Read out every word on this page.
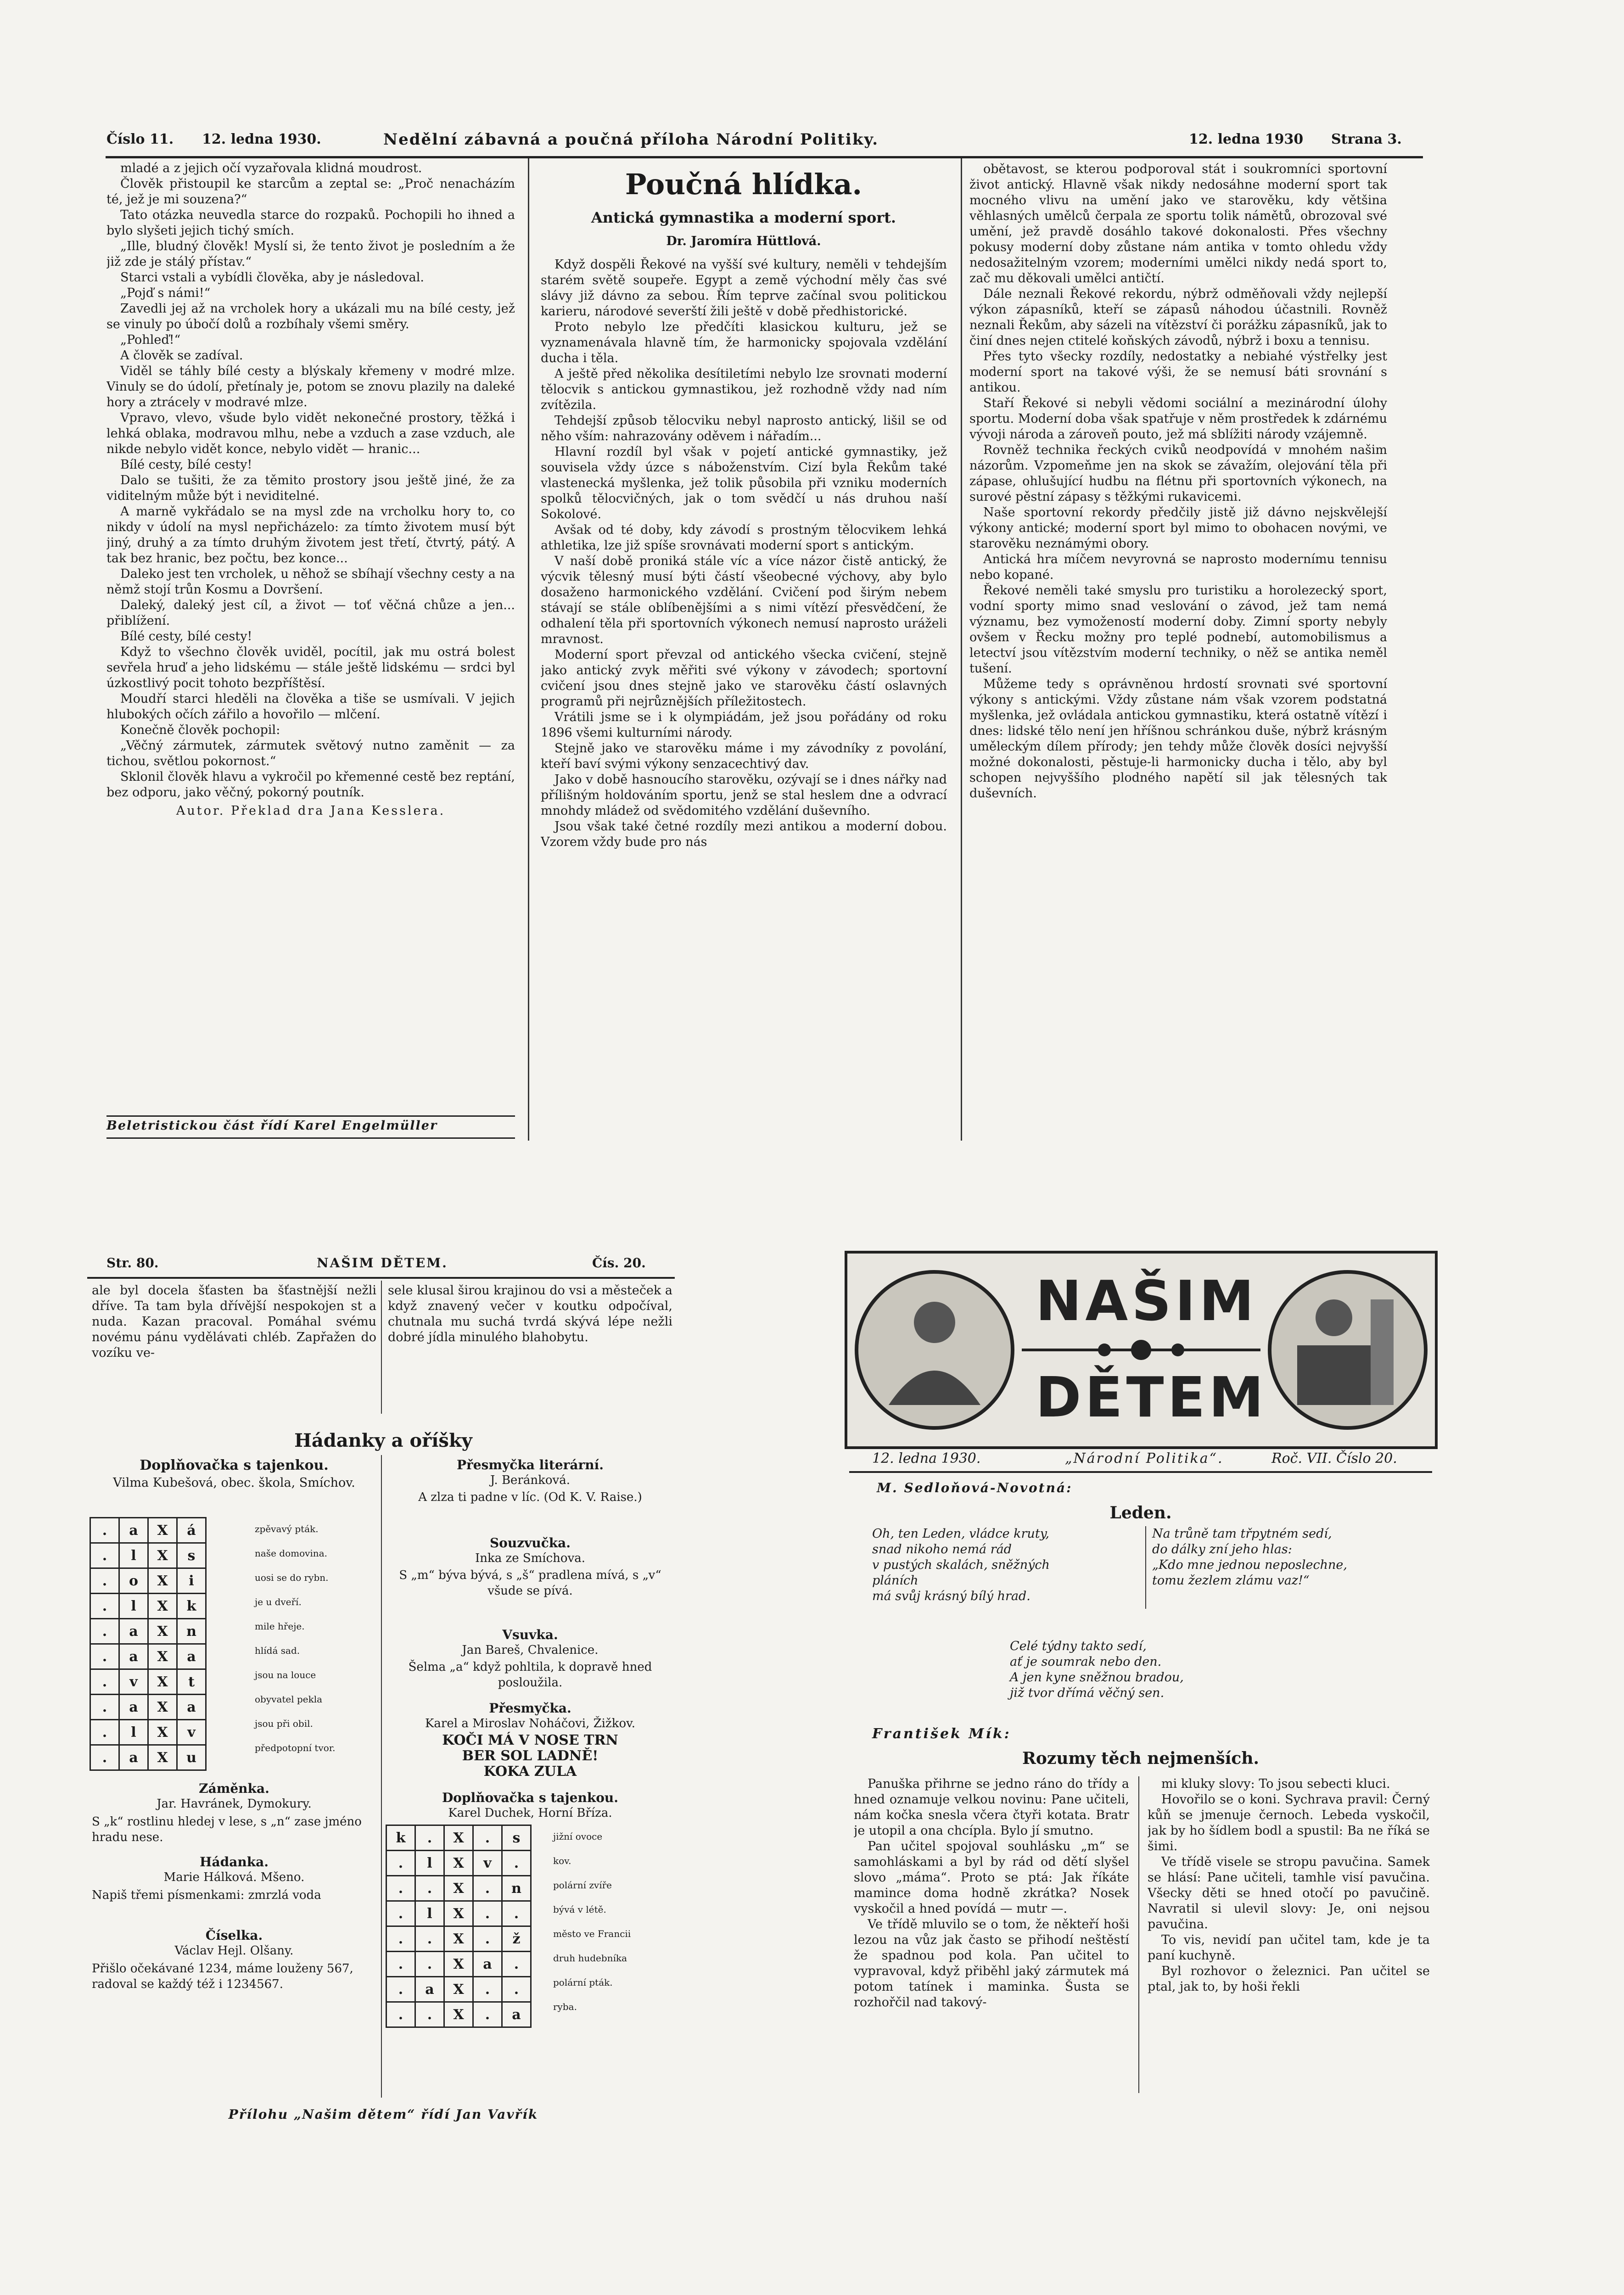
Číslo 11. 12. ledna 1930.	Nedělní zábavná a poučná příloha Národní Politiky.	12. ledna 1930 Strana 3.

mladé a z jejich očí vyzařovala klidná moudrost.

Člověk přistoupil ke starcům a zeptal se: „Proč nenacházím té, jež je mi souzena?“

Tato otázka neuvedla starce do rozpaků. Pochopili ho ihned a bylo slyšeti jejich tichý smích.

„Ille, bludný člověk! Myslí si, že tento život je posledním a že již zde je stálý přístav.“

Starci vstali a vybídli člověka, aby je následoval.

„Pojď s námi!“

Zavedli jej až na vrcholek hory a ukázali mu na bílé cesty, jež se vinuly po úbočí dolů a rozbíhaly všemi směry.

„Pohleď!“

A člověk se zadíval.

Viděl se táhly bílé cesty a blýskaly křemeny v modré mlze. Vinuly se do údolí, přetínaly je, potom se znovu plazily na daleké hory a ztrácely v modravé mlze.

Vpravo, vlevo, všude bylo vidět nekonečné prostory, těžká i lehká oblaka, modravou mlhu, nebe a vzduch a zase vzduch, ale nikde nebylo vidět konce, nebylo vidět — hranic...

Bílé cesty, bílé cesty!

Dalo se tušiti, že za těmito prostory jsou ještě jiné, že za viditelným může být i neviditelné.

A marně vykřádalo se na mysl zde na vrcholku hory to, co nikdy v údolí na mysl nepřicházelo: za tímto životem musí být jiný, druhý a za tímto druhým životem jest třetí, čtvrtý, pátý. A tak bez hranic, bez počtu, bez konce...

Daleko jest ten vrcholek, u něhož se sbíhají všechny cesty a na němž stojí trůn Kosmu a Dovršení.

Daleký, daleký jest cíl, a život — toť věčná chůze a jen... přiblížení.

Bílé cesty, bílé cesty!

Když to všechno člověk uviděl, pocítil, jak mu ostrá bolest sevřela hruď a jeho lidskému — stále ještě lidskému — srdci byl úzkostlivý pocit tohoto bezpříštěsí.

Moudří starci hleděli na člověka a tiše se usmívali. V jejich hlubokých očích zářilo a hovořilo — mlčení.

Konečně člověk pochopil:

„Věčný zármutek, zármutek světový nutno zaměnit — za tichou, světlou pokornost.“

Sklonil člověk hlavu a vykročil po křemenné cestě bez reptání, bez odporu, jako věčný, pokorný poutník.

Autor. Překlad dra Jana Kesslera.

Beletristickou část řídí Karel Engelmüller
Poučná hlídka.
Antická gymnastika a moderní sport.
Dr. Jaromíra Hüttlová.

Když dospěli Řekové na vyšší své kultury, neměli v tehdejším starém světě soupeře. Egypt a země východní měly čas své slávy již dávno za sebou. Řím teprve začínal svou politickou karieru, národové severští žili ještě v době předhistorické.

Proto nebylo lze předčíti klasickou kulturu, jež se vyznamenávala hlavně tím, že harmonicky spojovala vzdělání ducha i těla.

A ještě před několika desítiletími nebylo lze srovnati moderní tělocvik s antickou gymnastikou, jež rozhodně vždy nad ním zvítězila.

Tehdejší způsob tělocviku nebyl naprosto antický, lišil se od něho vším: nahrazovány oděvem i nářadím...

Hlavní rozdíl byl však v pojetí antické gymnastiky, jež souvisela vždy úzce s náboženstvím. Cizí byla Řekům také vlastenecká myšlenka, jež tolik působila při vzniku moderních spolků tělocvičných, jak o tom svědčí u nás druhou naší Sokolové.

Avšak od té doby, kdy závodí s prostným tělocvikem lehká athletika, lze již spíše srovnávati moderní sport s antickým.

V naší době proniká stále víc a více názor čistě antický, že výcvik tělesný musí býti částí všeobecné výchovy, aby bylo dosaženo harmonického vzdělání. Cvičení pod širým nebem stávají se stále oblíbenějšími a s nimi vítězí přesvědčení, že odhalení těla při sportovních výkonech nemusí naprosto uráželi mravnost.

Moderní sport převzal od antického všecka cvičení, stejně jako antický zvyk měřiti své výkony v závodech; sportovní cvičení jsou dnes stejně jako ve starověku částí oslavných programů při nejrůznějších příležitostech.

Vrátili jsme se i k olympiádám, jež jsou pořádány od roku 1896 všemi kulturními národy.

Stejně jako ve starověku máme i my závodníky z povolání, kteří baví svými výkony senzacechtivý dav.

Jako v době hasnoucího starověku, ozývají se i dnes nářky nad přílišným holdováním sportu, jenž se stal heslem dne a odvrací mnohdy mládež od svědomitého vzdělání duševního.

Jsou však také četné rozdíly mezi antikou a moderní dobou. Vzorem vždy bude pro nás

obětavost, se kterou podporoval stát i soukromníci sportovní život antický. Hlavně však nikdy nedosáhne moderní sport tak mocného vlivu na umění jako ve starověku, kdy většina věhlasných umělců čerpala ze sportu tolik námětů, obrozoval své umění, jež pravdě dosáhlo takové dokonalosti. Přes všechny pokusy moderní doby zůstane nám antika v tomto ohledu vždy nedosažitelným vzorem; moderními umělci nikdy nedá sport to, zač mu děkovali umělci antičtí.

Dále neznali Řekové rekordu, nýbrž odměňovali vždy nejlepší výkon zápasníků, kteří se zápasů náhodou účastnili. Rovněž neznali Řekům, aby sázeli na vítězství či porážku zápasníků, jak to činí dnes nejen ctitelé koňských závodů, nýbrž i boxu a tennisu.

Přes tyto všecky rozdíly, nedostatky a nebiahé výstřelky jest moderní sport na takové výši, že se nemusí báti srovnání s antikou.

Staří Řekové si nebyli vědomi sociální a mezinárodní úlohy sportu. Moderní doba však spatřuje v něm prostředek k zdárnému vývoji národa a zároveň pouto, jež má sblížiti národy vzájemně.

Rovněž technika řeckých cviků neodpovídá v mnohém našim názorům. Vzpomeňme jen na skok se závažím, olejování těla při zápase, ohlušující hudbu na flétnu při sportovních výkonech, na surové pěstní zápasy s těžkými rukavicemi.

Naše sportovní rekordy předčily jistě již dávno nejskvělejší výkony antické; moderní sport byl mimo to obohacen novými, ve starověku neznámými obory.

Antická hra míčem nevyrovná se naprosto modernímu tennisu nebo kopané.

Řekové neměli také smyslu pro turistiku a horolezecký sport, vodní sporty mimo snad veslování o závod, jež tam nemá významu, bez vymožeností moderní doby. Zimní sporty nebyly ovšem v Řecku možny pro teplé podnebí, automobilismus a letectví jsou vítězstvím moderní techniky, o něž se antika neměl tušení.

Můžeme tedy s oprávněnou hrdostí srovnati své sportovní výkony s antickými. Vždy zůstane nám však vzorem podstatná myšlenka, jež ovládala antickou gymnastiku, která ostatně vítězí i dnes: lidské tělo není jen hříšnou schránkou duše, nýbrž krásným uměleckým dílem přírody; jen tehdy může člověk dosíci nejvyšší možné dokonalosti, pěstuje-li harmonicky ducha i tělo, aby byl schopen nejvyššího plodného napětí sil jak tělesných tak duševních.

Str. 80.	NAŠIM DĚTEM.	Čís. 20.
ale byl docela šťasten ba šťastnější nežli dříve. Ta tam byla dřívější nespokojen st a nuda. Kazan pracoval. Pomáhal svému novému pánu vydělávati chléb. Zapřažen do vozíku ve-
sele klusal širou krajinou do vsi a městeček a když znavený večer v koutku odpočíval, chutnala mu suchá tvrdá skývá lépe nežli dobré jídla minulého blahobytu.
Hádanky a oříšky
Doplňovačka s tajenkou.
Vilma Kubešová, obec. škola, Smíchov.
.	a	X	á
.	l	X	s
.	o	X	i
.	l	X	k
.	a	X	n
.	a	X	a
.	v	X	t
.	a	X	a
.	l	X	v
.	a	X	u
zpěvavý pták.
naše domovina.
uosi se do rybn.
je u dveří.
mile hřeje.
hlídá sad.
jsou na louce
obyvatel pekla
jsou při obil.
předpotopní tvor.
Záměnka.
Jar. Havránek, Dymokury.
S „k“ rostlinu hledej v lese, s „n“ zase jméno hradu nese.
Hádanka.
Marie Hálková. Mšeno.
Napiš třemi písmenkami: zmrzlá voda
Číselka.
Václav Hejl. Olšany.
Přišlo očekávané 1234, máme louženy 567, radoval se každý též i 1234567.
Přesmyčka literární.
J. Beránková.
A zlza ti padne v líc. (Od K. V. Raise.)
Souzvučka.
Inka ze Smíchova.
S „m“ býva bývá, s „š“ pradlena mívá, s „v“ všude se pívá.
Vsuvka.
Jan Bareš, Chvalenice.
Šelma „a“ když pohltila, k dopravě hned posloužila.
Přesmyčka.
Karel a Miroslav Noháčovi, Žižkov.
KOČI MÁ V NOSE TRN BER SOL LADNĚ! KOKA ZULA
Doplňovačka s tajenkou.
Karel Duchek, Horní Bříza.
k	.	X	.	s
.	l	X	v	.
.	.	X	.	n
.	l	X	.	.
.	.	X	.	ž
.	.	X	a	.
.	a	X	.	.
.	.	X	.	a
jižní ovoce
kov.
polární zvíře
bývá v létě.
město ve Francii
druh hudebníka
polární pták.
ryba.
Přílohu „Našim dětem“ řídí Jan Vavřík
NAŠIM
DĚTEM
12. ledna 1930.	„Národní Politika“.	Roč. VII. Číslo 20.
M. Sedloňová-Novotná:
Leden.
Oh, ten Leden, vládce kruty,
snad nikoho nemá rád
v pustých skalách, sněžných
pláních
má svůj krásný bílý hrad.
Na trůně tam třpytném sedí,
do dálky zní jeho hlas:
„Kdo mne jednou neposlechne,
tomu žezlem zlámu vaz!“
Celé týdny takto sedí,
ať je soumrak nebo den.
A jen kyne sněžnou bradou,
již tvor dřímá věčný sen.
František Mík:
Rozumy těch nejmenších.

Panuška přihrne se jedno ráno do třídy a hned oznamuje velkou novinu: Pane učiteli, nám kočka snesla včera čtyři kotata. Bratr je utopil a ona chcípla. Bylo jí smutno.

Pan učitel spojoval souhlásku „m“ se samohláskami a byl by rád od dětí slyšel slovo „máma“. Proto se ptá: Jak říkáte mamince doma hodně zkrátka? Nosek vyskočil a hned povídá — mutr —.

Ve třídě mluvilo se o tom, že někteří hoši lezou na vůz jak často se přihodí neštěstí že spadnou pod kola. Pan učitel to vypravoval, když přiběhl jaký zármutek má potom tatínek i maminka. Šusta se rozhořčil nad takový-

mi kluky slovy: To jsou sebecti kluci.

Hovořilo se o koni. Sychrava pravil: Černý kůň se jmenuje černoch. Lebeda vyskočil, jak by ho šídlem bodl a spustil: Ba ne říká se šimi.

Ve třídě visele se stropu pavučina. Samek se hlásí: Pane učiteli, tamhle visí pavučina. Všecky děti se hned otočí po pavučině. Navratil si ulevil slovy: Je, oni nejsou pavučina.

To vis, nevidí pan učitel tam, kde je ta paní kuchyně.

Byl rozhovor o železnici. Pan učitel se ptal, jak to, by hoši řekli
